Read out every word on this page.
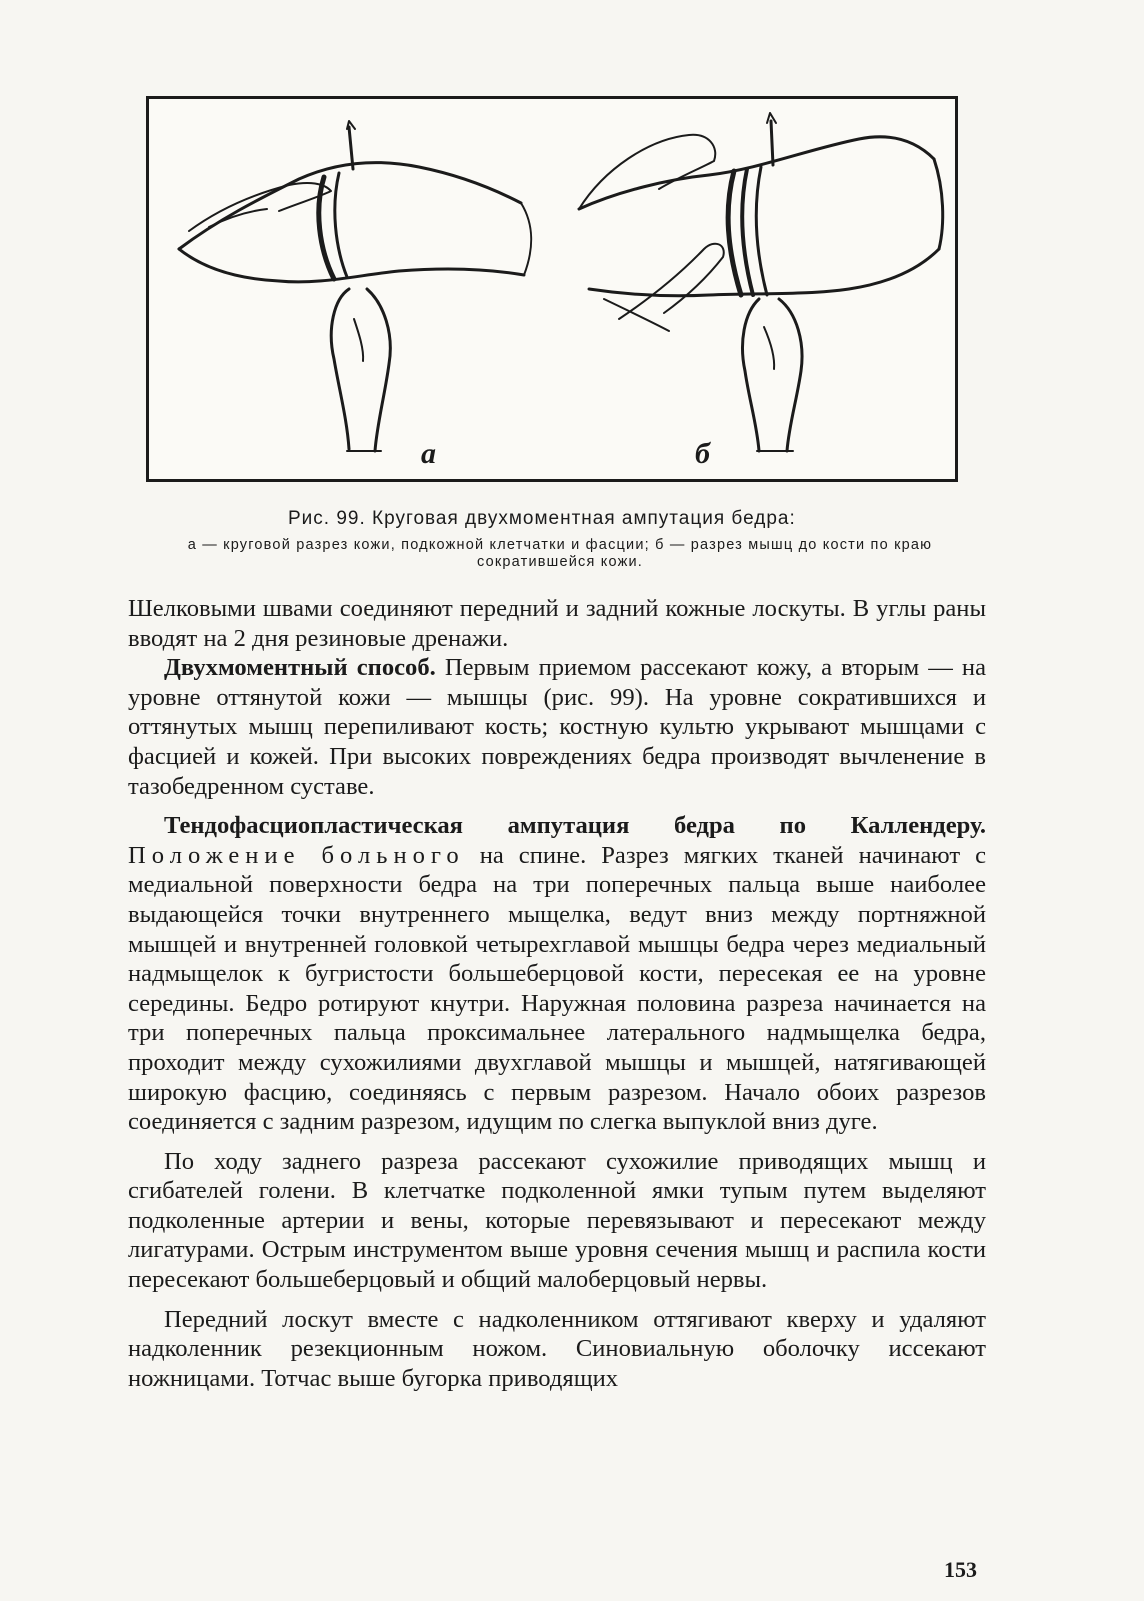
а	б
Рис. 99. Круговая двухмоментная ампутация бедра:
а — круговой разрез кожи, подкожной клетчатки и фасции; б — разрез мышц до кости по краю сократившейся кожи.

Шелковыми швами соединяют передний и задний кожные лоскуты. В углы раны вводят на 2 дня резиновые дренажи.

Двухмоментный способ. Первым приемом рассекают кожу, а вторым — на уровне оттянутой кожи — мышцы (рис. 99). На уровне сократившихся и оттянутых мышц перепиливают кость; костную культю укрывают мышцами с фасцией и кожей. При высоких повреждениях бедра производят вычленение в тазобедренном суставе.

Тендофасциопластическая ампутация бедра по Каллендеру. Положение больного на спине. Разрез мягких тканей начинают с медиальной поверхности бедра на три поперечных пальца выше наиболее выдающейся точки внутреннего мыщелка, ведут вниз между портняжной мышцей и внутренней головкой четырехглавой мышцы бедра через медиальный надмыщелок к бугристости большеберцовой кости, пересекая ее на уровне середины. Бедро ротируют кнутри. Наружная половина разреза начинается на три поперечных пальца проксимальнее латерального надмыщелка бедра, проходит между сухожилиями двухглавой мышцы и мышцей, натягивающей широкую фасцию, соединяясь с первым разрезом. Начало обоих разрезов соединяется с задним разрезом, идущим по слегка выпуклой вниз дуге.

По ходу заднего разреза рассекают сухожилие приводящих мышц и сгибателей голени. В клетчатке подколенной ямки тупым путем выделяют подколенные артерии и вены, которые перевязывают и пересекают между лигатурами. Острым инструментом выше уровня сечения мышц и распила кости пересекают большеберцовый и общий малоберцовый нервы.

Передний лоскут вместе с надколенником оттягивают кверху и удаляют надколенник резекционным ножом. Синовиальную оболочку иссекают ножницами. Тотчас выше бугорка приводящих

153
